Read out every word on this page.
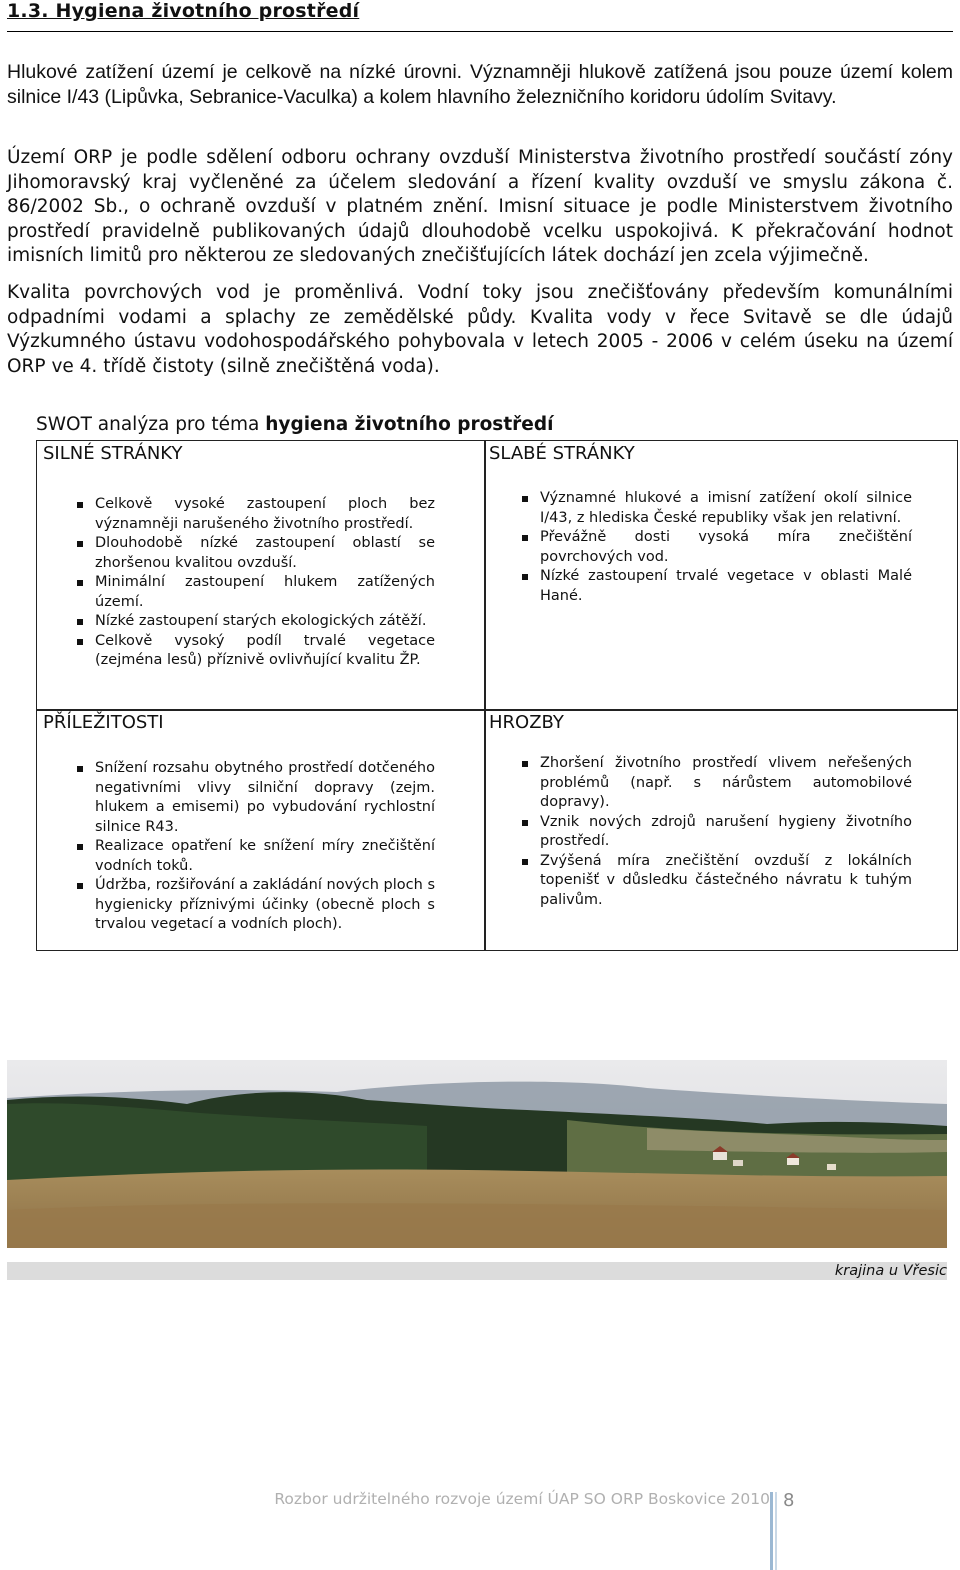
1.3. Hygiena životního prostředí
Hlukové zatížení území je celkově na nízké úrovni. Významněji hlukově zatížená jsou pouze území kolem silnice I/43 (Lipůvka, Sebranice-Vaculka) a kolem hlavního železničního koridoru údolím Svitavy.
Území ORP je podle sdělení odboru ochrany ovzduší Ministerstva životního prostředí součástí zóny Jihomoravský kraj vyčleněné za účelem sledování a řízení kvality ovzduší ve smyslu zákona č. 86/2002 Sb., o ochraně ovzduší v platném znění. Imisní situace je podle Ministerstvem životního prostředí pravidelně publikovaných údajů dlouhodobě vcelku uspokojivá. K překračování hodnot imisních limitů pro některou ze sledovaných znečišťujících látek dochází jen zcela výjimečně.
Kvalita povrchových vod je proměnlivá. Vodní toky jsou znečišťovány především komunálními odpadními vodami a splachy ze zemědělské půdy. Kvalita vody v řece Svitavě se dle údajů Výzkumného ústavu vodohospodářského pohybovala v letech 2005 - 2006 v celém úseku na území ORP ve 4. třídě čistoty (silně znečištěná voda).
SWOT analýza pro téma hygiena životního prostředí
SILNÉ STRÁNKY
Celkově vysoké zastoupení ploch bez významněji narušeného životního prostředí.
Dlouhodobě nízké zastoupení oblastí se zhoršenou kvalitou ovzduší.
Minimální zastoupení hlukem zatížených území.
Nízké zastoupení starých ekologických zátěží.
Celkově vysoký podíl trvalé vegetace (zejména lesů) příznivě ovlivňující kvalitu ŽP.
SLABÉ STRÁNKY
Významné hlukové a imisní zatížení okolí silnice I/43, z hlediska České republiky však jen relativní.
Převážně dosti vysoká míra znečištění povrchových vod.
Nízké zastoupení trvalé vegetace v oblasti Malé Hané.
PŘÍLEŽITOSTI
Snížení rozsahu obytného prostředí dotčeného negativními vlivy silniční dopravy (zejm. hlukem a emisemi) po vybudování rychlostní silnice R43.
Realizace opatření ke snížení míry znečištění vodních toků.
Údržba, rozšiřování a zakládání nových ploch s hygienicky příznivými účinky (obecně ploch s trvalou vegetací a vodních ploch).
HROZBY
Zhoršení životního prostředí vlivem neřešených problémů (např. s nárůstem automobilové dopravy).
Vznik nových zdrojů narušení hygieny životního prostředí.
Zvýšená míra znečištění ovzduší z lokálních topenišť v důsledku částečného návratu k tuhým palivům.
krajina u Vřesic
Rozbor udržitelného rozvoje území ÚAP SO ORP Boskovice 2010 8
